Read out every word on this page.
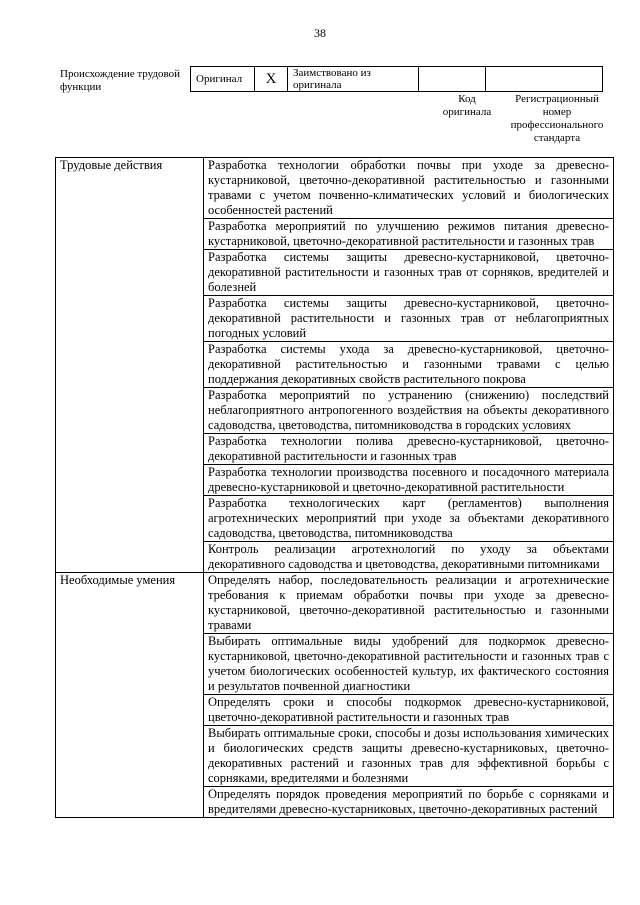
38
Происхождение трудовой функции
Оригинал	X	Заимствовано из оригинала		
Код оригинала
Регистрационный номер профессионального стандарта
Трудовые действия	Разработка технологии обработки почвы при уходе за древесно-кустарниковой, цветочно-декоративной растительностью и газонными травами с учетом почвенно-климатических условий и биологических особенностей растений
	Разработка мероприятий по улучшению режимов питания древесно-кустарниковой, цветочно-декоративной растительности и газонных трав
	Разработка системы защиты древесно-кустарниковой, цветочно-декоративной растительности и газонных трав от сорняков, вредителей и болезней
	Разработка системы защиты древесно-кустарниковой, цветочно-декоративной растительности и газонных трав от неблагоприятных погодных условий
	Разработка системы ухода за древесно-кустарниковой, цветочно-декоративной растительностью и газонными травами с целью поддержания декоративных свойств растительного покрова
	Разработка мероприятий по устранению (снижению) последствий неблагоприятного антропогенного воздействия на объекты декоративного садоводства, цветоводства, питомниководства в городских условиях
	Разработка технологии полива древесно-кустарниковой, цветочно-декоративной растительности и газонных трав
	Разработка технологии производства посевного и посадочного материала древесно-кустарниковой и цветочно-декоративной растительности
	Разработка технологических карт (регламентов) выполнения агротехнических мероприятий при уходе за объектами декоративного садоводства, цветоводства, питомниководства
	Контроль реализации агротехнологий по уходу за объектами декоративного садоводства и цветоводства, декоративными питомниками
Необходимые умения	Определять набор, последовательность реализации и агротехнические требования к приемам обработки почвы при уходе за древесно-кустарниковой, цветочно-декоративной растительностью и газонными травами
	Выбирать оптимальные виды удобрений для подкормок древесно-кустарниковой, цветочно-декоративной растительности и газонных трав с учетом биологических особенностей культур, их фактического состояния и результатов почвенной диагностики
	Определять сроки и способы подкормок древесно-кустарниковой, цветочно-декоративной растительности и газонных трав
	Выбирать оптимальные сроки, способы и дозы использования химических и биологических средств защиты древесно-кустарниковых, цветочно-декоративных растений и газонных трав для эффективной борьбы с сорняками, вредителями и болезнями
	Определять порядок проведения мероприятий по борьбе с сорняками и вредителями древесно-кустарниковых, цветочно-декоративных растений
